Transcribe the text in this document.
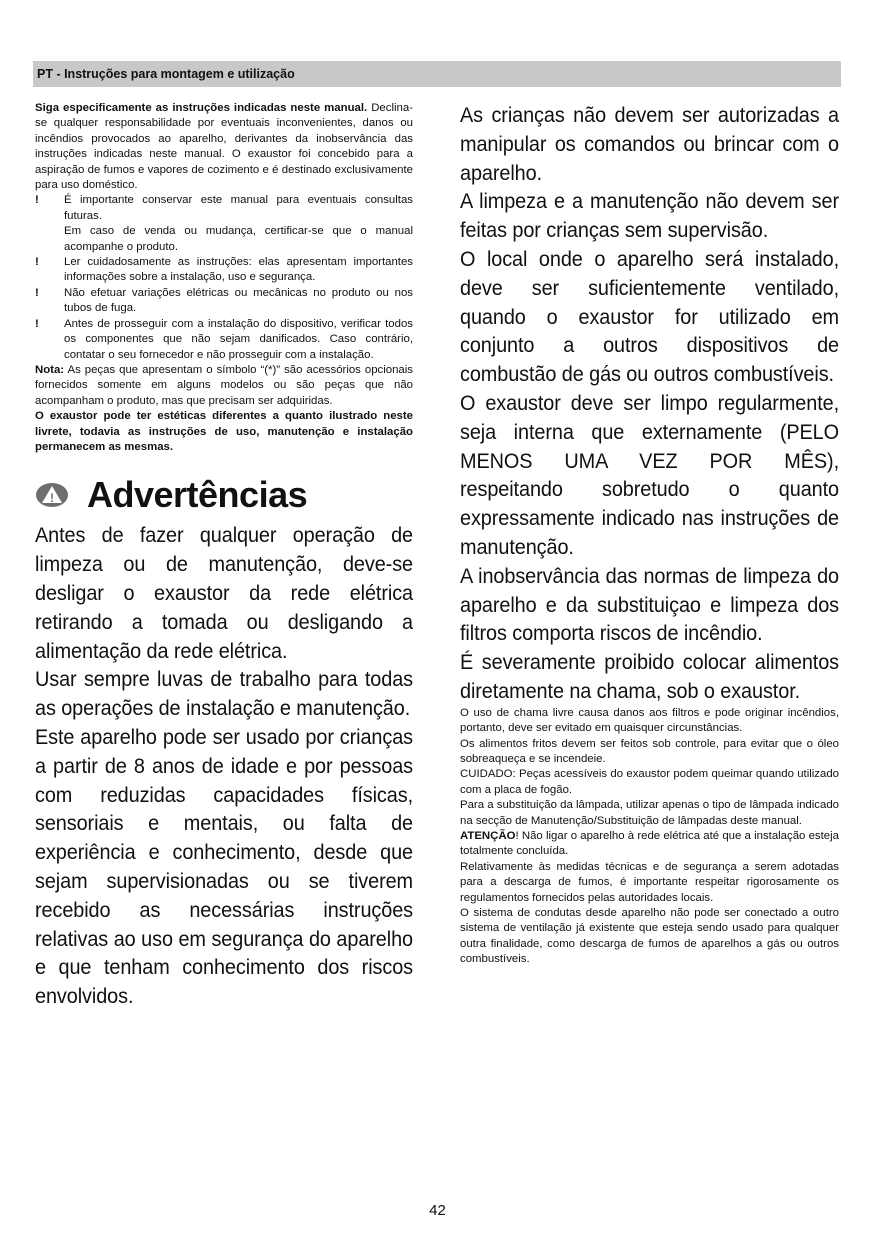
PT - Instruções para montagem e utilização

Siga especificamente as instruções indicadas neste manual. Declina-se qualquer responsabilidade por eventuais inconvenientes, danos ou incêndios provocados ao aparelho, derivantes da inobservância das instruções indicadas neste manual. O exaustor foi concebido para a aspiração de fumos e vapores de cozimento e é destinado exclusivamente para uso doméstico.

! É importante conservar este manual para eventuais consultas futuras.
Em caso de venda ou mudança, certificar-se que o manual acompanhe o produto.
! Ler cuidadosamente as instruções: elas apresentam importantes informações sobre a instalação, uso e segurança.
! Não efetuar variações elétricas ou mecânicas no produto ou nos tubos de fuga.
! Antes de prosseguir com a instalação do dispositivo, verificar todos os componentes que não sejam danificados. Caso contrário, contatar o seu fornecedor e não prosseguir com a instalação.

Nota: As peças que apresentam o símbolo “(*)” são acessórios opcionais fornecidos somente em alguns modelos ou são peças que não acompanham o produto, mas que precisam ser adquiridas.

O exaustor pode ter estéticas diferentes a quanto ilustrado neste livrete, todavia as instruções de uso, manutenção e instalação permanecem as mesmas.

! Advertências

Antes de fazer qualquer operação de limpeza ou de manutenção, deve-se desligar o exaustor da rede elétrica retirando a tomada ou desligando a alimentação da rede elétrica.

Usar sempre luvas de trabalho para todas as operações de instalação e manutenção.

Este aparelho pode ser usado por crianças a partir de 8 anos de idade e por pessoas com reduzidas capacidades físicas, sensoriais e mentais, ou falta de experiência e conhecimento, desde que sejam supervisionadas ou se tiverem recebido as necessárias instruções relativas ao uso em segurança do aparelho e que tenham conhecimento dos riscos envolvidos.

As crianças não devem ser autorizadas a manipular os comandos ou brincar com o aparelho.

A limpeza e a manutenção não devem ser feitas por crianças sem supervisão.

O local onde o aparelho será instalado, deve ser suficientemente ventilado, quando o exaustor for utilizado em conjunto a outros dispositivos de combustão de gás ou outros combustíveis.

O exaustor deve ser limpo regularmente, seja interna que externamente (PELO MENOS UMA VEZ POR MÊS), respeitando sobretudo o quanto expressamente indicado nas instruções de manutenção.

A inobservância das normas de limpeza do aparelho e da substituiçao e limpeza dos filtros comporta riscos de incêndio.

É severamente proibido colocar alimentos diretamente na chama, sob o exaustor.

O uso de chama livre causa danos aos filtros e pode originar incêndios, portanto, deve ser evitado em quaisquer circunstâncias.

Os alimentos fritos devem ser feitos sob controle, para evitar que o óleo sobreaqueça e se incendeie.

CUIDADO: Peças acessíveis do exaustor podem queimar quando utilizado com a placa de fogão.

Para a substituição da lâmpada, utilizar apenas o tipo de lâmpada indicado na secção de Manutenção/Substituição de lâmpadas deste manual.

ATENÇÃO! Não ligar o aparelho à rede elétrica até que a instalação esteja totalmente concluída.

Relativamente às medidas técnicas e de segurança a serem adotadas para a descarga de fumos, é importante respeitar rigorosamente os regulamentos fornecidos pelas autoridades locais.

O sistema de condutas desde aparelho não pode ser conectado a outro sistema de ventilação já existente que esteja sendo usado para qualquer outra finalidade, como descarga de fumos de aparelhos a gás ou outros combustíveis.

42
